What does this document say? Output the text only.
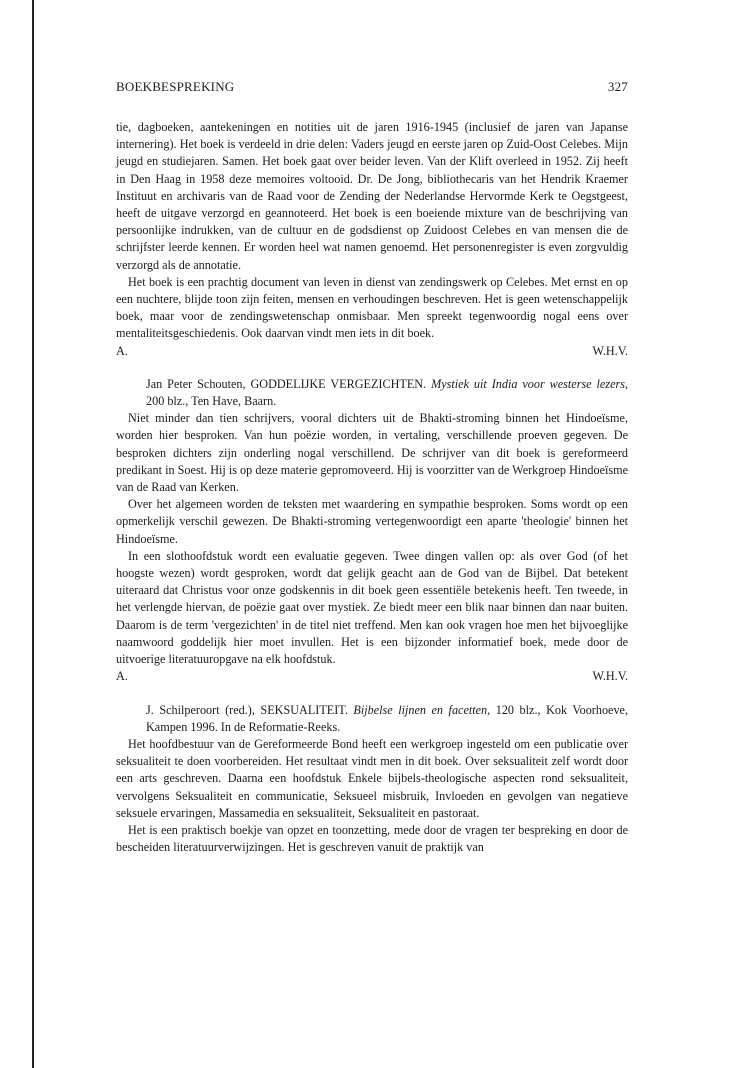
BOEKBESPREKING	327

tie, dagboeken, aantekeningen en notities uit de jaren 1916-1945 (inclusief de jaren van Japanse internering). Het boek is verdeeld in drie delen: Vaders jeugd en eerste jaren op Zuid-Oost Celebes. Mijn jeugd en studiejaren. Samen. Het boek gaat over beider leven. Van der Klift overleed in 1952. Zij heeft in Den Haag in 1958 deze memoires voltooid. Dr. De Jong, bibliothecaris van het Hendrik Kraemer Instituut en archivaris van de Raad voor de Zending der Nederlandse Hervormde Kerk te Oegstgeest, heeft de uitgave verzorgd en geannoteerd. Het boek is een boeiende mixture van de beschrijving van persoonlijke indrukken, van de cultuur en de godsdienst op Zuidoost Celebes en van mensen die de schrijfster leerde kennen. Er worden heel wat namen genoemd. Het personenregister is even zorgvuldig verzorgd als de annotatie.

Het boek is een prachtig document van leven in dienst van zendingswerk op Celebes. Met ernst en op een nuchtere, blijde toon zijn feiten, mensen en verhoudingen beschreven. Het is geen wetenschappelijk boek, maar voor de zendingswetenschap onmisbaar. Men spreekt tegenwoordig nogal eens over mentaliteitsgeschiedenis. Ook daarvan vindt men iets in dit boek.

A.	W.H.V.

Jan Peter Schouten, GODDELIJKE VERGEZICHTEN. Mystiek uit India voor westerse lezers, 200 blz., Ten Have, Baarn.

Niet minder dan tien schrijvers, vooral dichters uit de Bhakti-stroming binnen het Hindoeïsme, worden hier besproken. Van hun poëzie worden, in vertaling, verschillende proeven gegeven. De besproken dichters zijn onderling nogal verschillend. De schrijver van dit boek is gereformeerd predikant in Soest. Hij is op deze materie gepromoveerd. Hij is voorzitter van de Werkgroep Hindoeïsme van de Raad van Kerken.

Over het algemeen worden de teksten met waardering en sympathie besproken. Soms wordt op een opmerkelijk verschil gewezen. De Bhakti-stroming vertegenwoordigt een aparte 'theologie' binnen het Hindoeïsme.

In een slothoofdstuk wordt een evaluatie gegeven. Twee dingen vallen op: als over God (of het hoogste wezen) wordt gesproken, wordt dat gelijk geacht aan de God van de Bijbel. Dat betekent uiteraard dat Christus voor onze godskennis in dit boek geen essentiële betekenis heeft. Ten tweede, in het verlengde hiervan, de poëzie gaat over mystiek. Ze biedt meer een blik naar binnen dan naar buiten. Daarom is de term 'vergezichten' in de titel niet treffend. Men kan ook vragen hoe men het bijvoeglijke naamwoord goddelijk hier moet invullen. Het is een bijzonder informatief boek, mede door de uitvoerige literatuuropgave na elk hoofdstuk.

A.	W.H.V.

J. Schilperoort (red.), SEKSUALITEIT. Bijbelse lijnen en facetten, 120 blz., Kok Voorhoeve, Kampen 1996. In de Reformatie-Reeks.

Het hoofdbestuur van de Gereformeerde Bond heeft een werkgroep ingesteld om een publicatie over seksualiteit te doen voorbereiden. Het resultaat vindt men in dit boek. Over seksualiteit zelf wordt door een arts geschreven. Daarna een hoofdstuk Enkele bijbels-theologische aspecten rond seksualiteit, vervolgens Seksualiteit en communicatie, Seksueel misbruik, Invloeden en gevolgen van negatieve seksuele ervaringen, Massamedia en seksualiteit, Seksualiteit en pastoraat.

Het is een praktisch boekje van opzet en toonzetting, mede door de vragen ter bespreking en door de bescheiden literatuurverwijzingen. Het is geschreven vanuit de praktijk van
